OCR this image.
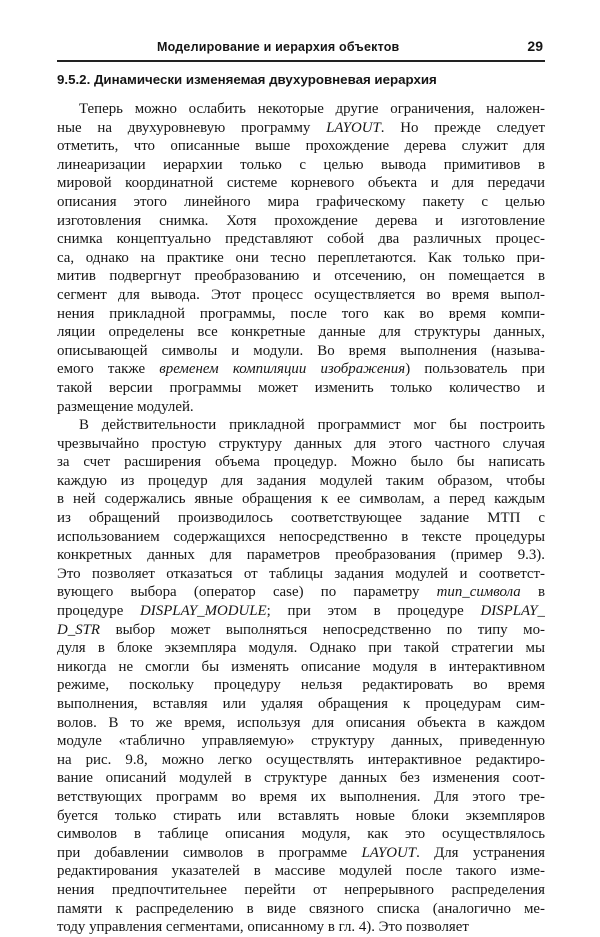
Моделирование и иерархия объектов	29
9.5.2. Динамически изменяемая двухуровневая иерархия
Теперь можно ослабить некоторые другие ограничения, наложен-
ные на двухуровневую программу LAYOUT. Но прежде следует
отметить, что описанные выше прохождение дерева служит для
линеаризации иерархии только с целью вывода примитивов в
мировой координатной системе корневого объекта и для передачи
описания этого линейного мира графическому пакету с целью
изготовления снимка. Хотя прохождение дерева и изготовление
снимка концептуально представляют собой два различных процес-
са, однако на практике они тесно переплетаются. Как только при-
митив подвергнут преобразованию и отсечению, он помещается в
сегмент для вывода. Этот процесс осуществляется во время выпол-
нения прикладной программы, после того как во время компи-
ляции определены все конкретные данные для структуры данных,
описывающей символы и модули. Во время выполнения (называ-
емого также временем компиляции изображения) пользователь при
такой версии программы может изменить только количество и
размещение модулей.
В действительности прикладной программист мог бы построить
чрезвычайно простую структуру данных для этого частного случая
за счет расширения объема процедур. Можно было бы написать
каждую из процедур для задания модулей таким образом, чтобы
в ней содержались явные обращения к ее символам, а перед каждым
из обращений производилось соответствующее задание МТП с
использованием содержащихся непосредственно в тексте процедуры
конкретных данных для параметров преобразования (пример 9.3).
Это позволяет отказаться от таблицы задания модулей и соответст-
вующего выбора (оператор case) по параметру тип_символа в
процедуре DISPLAY_MODULE; при этом в процедуре DISPLAY_
D_STR выбор может выполняться непосредственно по типу мо-
дуля в блоке экземпляра модуля. Однако при такой стратегии мы
никогда не смогли бы изменять описание модуля в интерактивном
режиме, поскольку процедуру нельзя редактировать во время
выполнения, вставляя или удаляя обращения к процедурам сим-
волов. В то же время, используя для описания объекта в каждом
модуле «таблично управляемую» структуру данных, приведенную
на рис. 9.8, можно легко осуществлять интерактивное редактиро-
вание описаний модулей в структуре данных без изменения соот-
ветствующих программ во время их выполнения. Для этого тре-
буется только стирать или вставлять новые блоки экземпляров
символов в таблице описания модуля, как это осуществлялось
при добавлении символов в программе LAYOUT. Для устранения
редактирования указателей в массиве модулей после такого изме-
нения предпочтительнее перейти от непрерывного распределения
памяти к распределению в виде связного списка (аналогично ме-
тоду управления сегментами, описанному в гл. 4). Это позволяет
